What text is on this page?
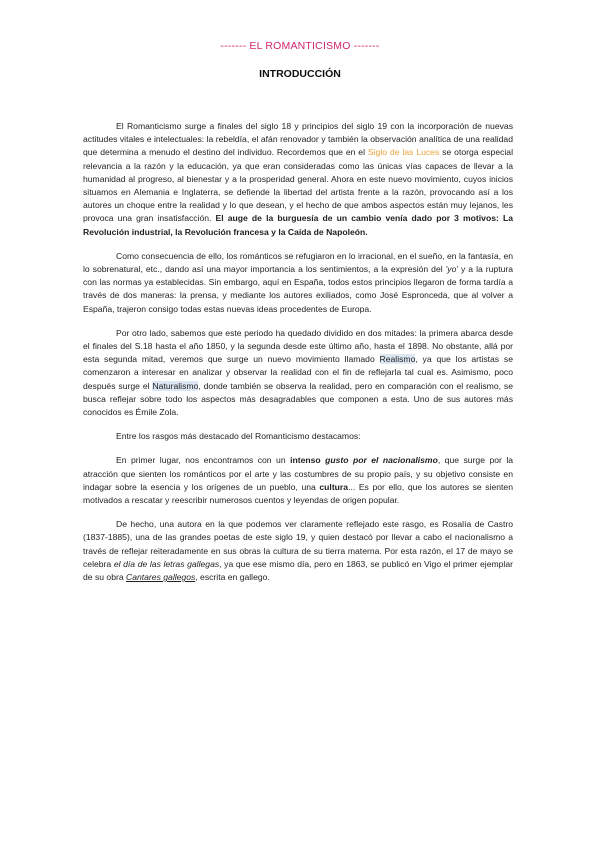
------- EL ROMANTICISMO -------
INTRODUCCIÓN

El Romanticismo surge a finales del siglo 18 y principios del siglo 19 con la incorporación de nuevas actitudes vitales e intelectuales: la rebeldía, el afán renovador y también la observación analítica de una realidad que determina a menudo el destino del individuo. Recordemos que en el Siglo de las Luces se otorga especial relevancia a la razón y la educación, ya que eran consideradas como las únicas vías capaces de llevar a la humanidad al progreso, al bienestar y a la prosperidad general. Ahora en este nuevo movimiento, cuyos inicios situamos en Alemania e Inglaterra, se defiende la libertad del artista frente a la razón, provocando así a los autores un choque entre la realidad y lo que desean, y el hecho de que ambos aspectos están muy lejanos, les provoca una gran insatisfacción. El auge de la burguesía de un cambio venía dado por 3 motivos: La Revolución industrial, la Revolución francesa y la Caída de Napoleón.

Como consecuencia de ello, los románticos se refugiaron en lo irracional, en el sueño, en la fantasía, en lo sobrenatural, etc., dando así una mayor importancia a los sentimientos, a la expresión del 'yo' y a la ruptura con las normas ya establecidas. Sin embargo, aquí en España, todos estos principios llegaron de forma tardía a través de dos maneras: la prensa, y mediante los autores exiliados, como José Espronceda, que al volver a España, trajeron consigo todas estas nuevas ideas procedentes de Europa.

Por otro lado, sabemos que este periodo ha quedado dividido en dos mitades: la primera abarca desde el finales del S.18 hasta el año 1850, y la segunda desde este último año, hasta el 1898. No obstante, allá por esta segunda mitad, veremos que surge un nuevo movimiento llamado Realismo, ya que los artistas se comenzaron a interesar en analizar y observar la realidad con el fin de reflejarla tal cual es. Asimismo, poco después surge el Naturalismo, donde también se observa la realidad, pero en comparación con el realismo, se busca reflejar sobre todo los aspectos más desagradables que componen a esta. Uno de sus autores más conocidos es Émile Zola.

Entre los rasgos más destacado del Romanticismo destacamos:

En primer lugar, nos encontramos con un intenso gusto por el nacionalismo, que surge por la atracción que sienten los románticos por el arte y las costumbres de su propio país, y su objetivo consiste en indagar sobre la esencia y los orígenes de un pueblo, una cultura... Es por ello, que los autores se sienten motivados a rescatar y reescribir numerosos cuentos y leyendas de origen popular.

De hecho, una autora en la que podemos ver claramente reflejado este rasgo, es Rosalía de Castro (1837-1885), una de las grandes poetas de este siglo 19, y quien destacó por llevar a cabo el nacionalismo a través de reflejar reiteradamente en sus obras la cultura de su tierra materna. Por esta razón, el 17 de mayo se celebra el día de las letras gallegas, ya que ese mismo día, pero en 1863, se publicó en Vigo el primer ejemplar de su obra Cantares gallegos, escrita en gallego.
